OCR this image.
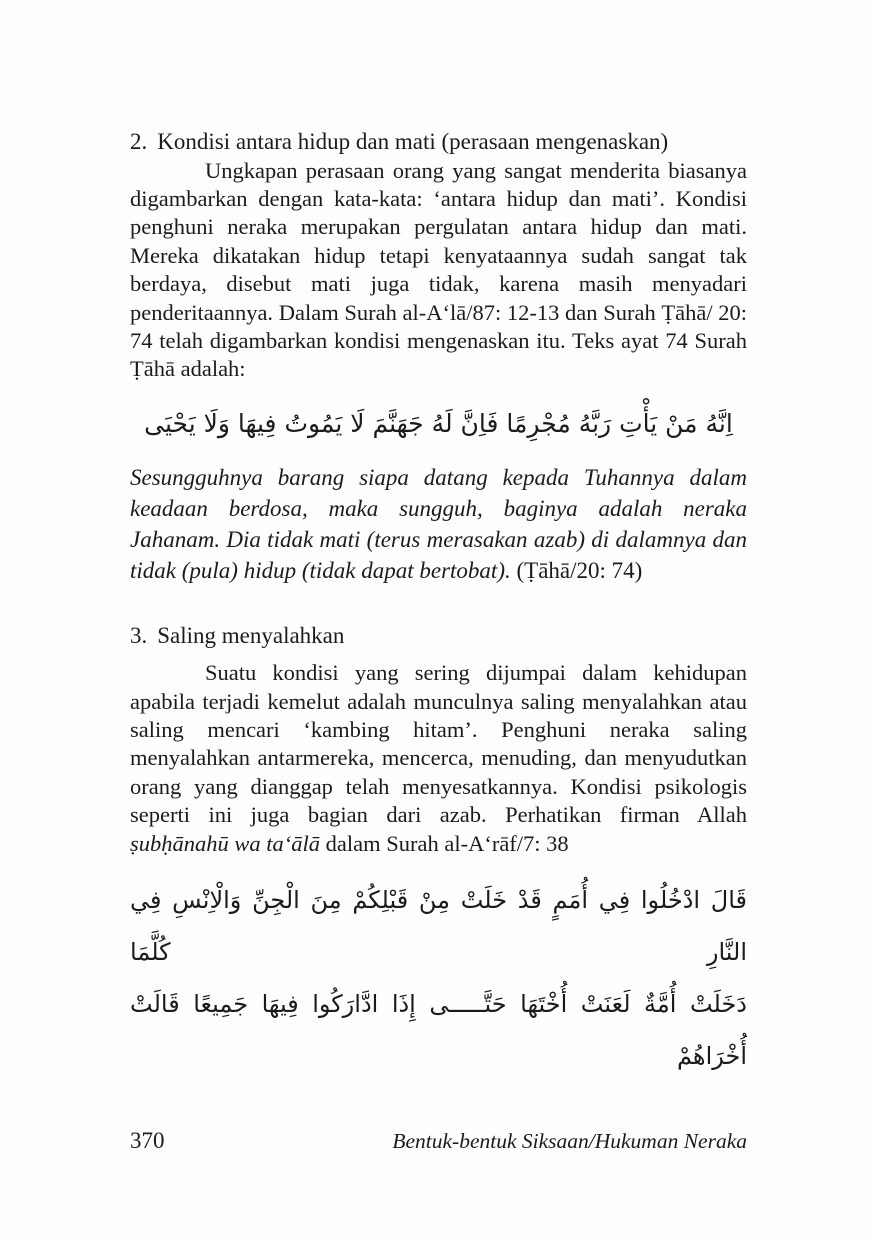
2. Kondisi antara hidup dan mati (perasaan mengenaskan)

Ungkapan perasaan orang yang sangat menderita biasanya digambarkan dengan kata-kata: ‘antara hidup dan mati’. Kondisi penghuni neraka merupakan pergulatan antara hidup dan mati. Mereka dikatakan hidup tetapi kenyataannya sudah sangat tak berdaya, disebut mati juga tidak, karena masih menyadari penderitaannya. Dalam Surah al-A‘lā/87: 12-13 dan Surah Ṭāhā/ 20: 74 telah digambarkan kondisi mengenaskan itu. Teks ayat 74 Surah Ṭāhā adalah:

اِنَّهُ مَنْ يَأْتِ رَبَّهُ مُجْرِمًا فَاِنَّ لَهُ جَهَنَّمَ لَا يَمُوتُ فِيهَا وَلَا يَحْيَى

Sesungguhnya barang siapa datang kepada Tuhannya dalam keadaan berdosa, maka sungguh, baginya adalah neraka Jahanam. Dia tidak mati (terus merasakan azab) di dalamnya dan tidak (pula) hidup (tidak dapat bertobat). (Ṭāhā/20: 74)

3. Saling menyalahkan

Suatu kondisi yang sering dijumpai dalam kehidupan apabila terjadi kemelut adalah munculnya saling menyalahkan atau saling mencari ‘kambing hitam’. Penghuni neraka saling menyalahkan antarmereka, mencerca, menuding, dan menyudutkan orang yang dianggap telah menyesatkannya. Kondisi psikologis seperti ini juga bagian dari azab. Perhatikan firman Allah ṣubḥānahū wa ta‘ālā dalam Surah al-A‘rāf/7: 38

قَالَ ادْخُلُوا فِي أُمَمٍ قَدْ خَلَتْ مِنْ قَبْلِكُمْ مِنَ الْجِنِّ وَالْاِنْسِ فِي النَّارِ كُلَّمَا
دَخَلَتْ أُمَّةٌ لَعَنَتْ أُخْتَهَا حَتَّـــــى إِذَا ادَّارَكُوا فِيهَا جَمِيعًا قَالَتْ أُخْرَاهُمْ
370	Bentuk-bentuk Siksaan/Hukuman Neraka
